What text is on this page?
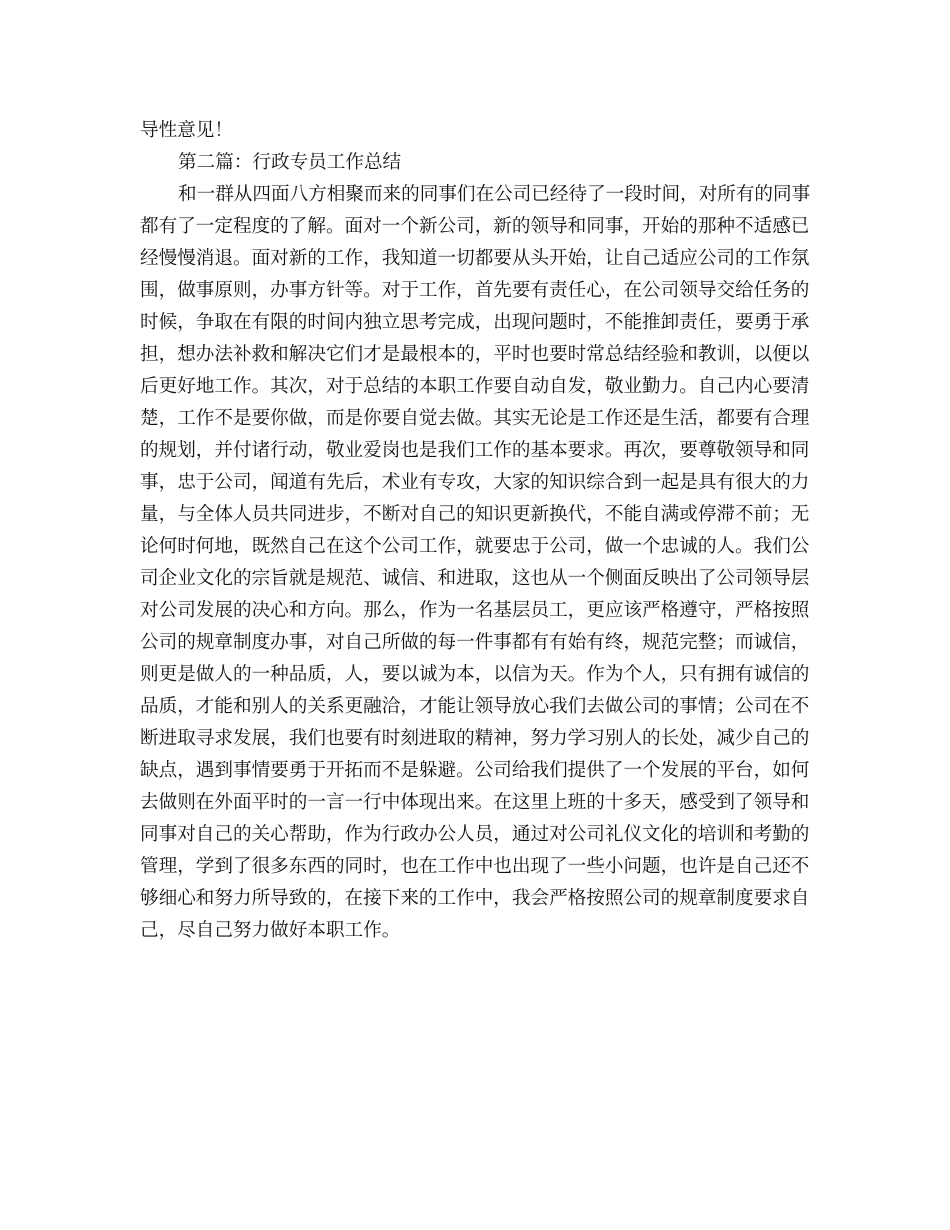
导性意见！
第二篇：行政专员工作总结
和一群从四面八方相聚而来的同事们在公司已经待了一段时间，对所有的同事
都有了一定程度的了解。面对一个新公司，新的领导和同事，开始的那种不适感已
经慢慢消退。面对新的工作，我知道一切都要从头开始，让自己适应公司的工作氛
围，做事原则，办事方针等。对于工作，首先要有责任心，在公司领导交给任务的
时候，争取在有限的时间内独立思考完成，出现问题时，不能推卸责任，要勇于承
担，想办法补救和解决它们才是最根本的，平时也要时常总结经验和教训，以便以
后更好地工作。其次，对于总结的本职工作要自动自发，敬业勤力。自己内心要清
楚，工作不是要你做，而是你要自觉去做。其实无论是工作还是生活，都要有合理
的规划，并付诸行动，敬业爱岗也是我们工作的基本要求。再次，要尊敬领导和同
事，忠于公司，闻道有先后，术业有专攻，大家的知识综合到一起是具有很大的力
量，与全体人员共同进步，不断对自己的知识更新换代，不能自满或停滞不前；无
论何时何地，既然自己在这个公司工作，就要忠于公司，做一个忠诚的人。我们公
司企业文化的宗旨就是规范、诚信、和进取，这也从一个侧面反映出了公司领导层
对公司发展的决心和方向。那么，作为一名基层员工，更应该严格遵守，严格按照
公司的规章制度办事，对自己所做的每一件事都有有始有终，规范完整；而诚信，
则更是做人的一种品质，人，要以诚为本，以信为天。作为个人，只有拥有诚信的
品质，才能和别人的关系更融洽，才能让领导放心我们去做公司的事情；公司在不
断进取寻求发展，我们也要有时刻进取的精神，努力学习别人的长处，减少自己的
缺点，遇到事情要勇于开拓而不是躲避。公司给我们提供了一个发展的平台，如何
去做则在外面平时的一言一行中体现出来。在这里上班的十多天，感受到了领导和
同事对自己的关心帮助，作为行政办公人员，通过对公司礼仪文化的培训和考勤的
管理，学到了很多东西的同时，也在工作中也出现了一些小问题，也许是自己还不
够细心和努力所导致的，在接下来的工作中，我会严格按照公司的规章制度要求自
己，尽自己努力做好本职工作。
